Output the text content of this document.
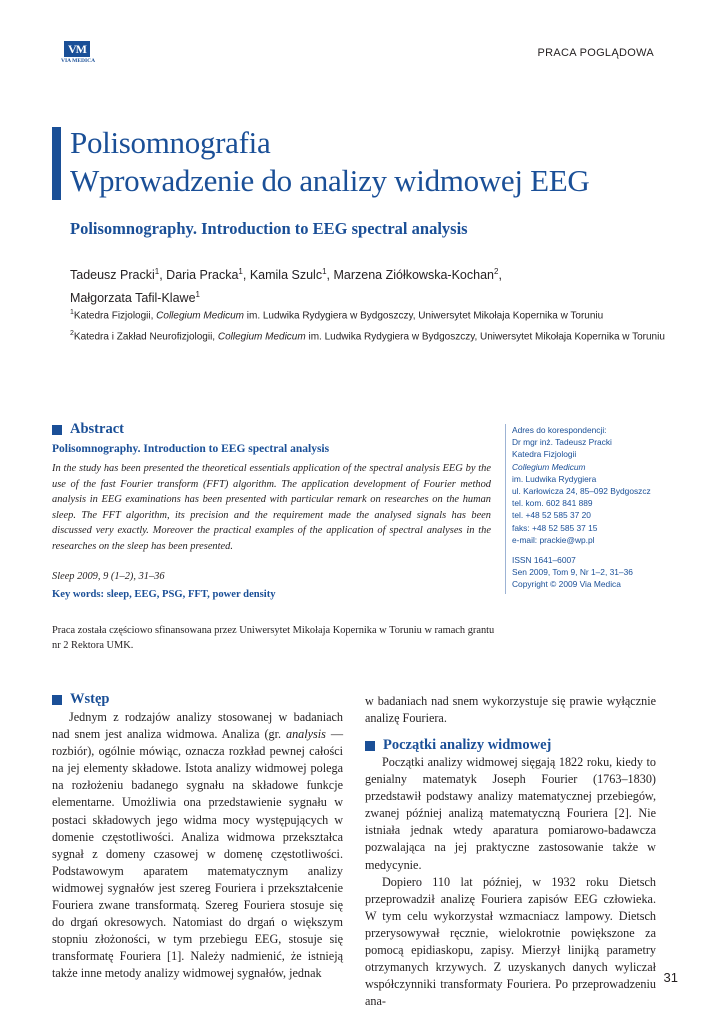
VM
VIA MEDICA
PRACA POGLĄDOWA
Polisomnografia
Wprowadzenie do analizy widmowej EEG
Polisomnography. Introduction to EEG spectral analysis
Tadeusz Pracki$^1$, Daria Pracka$^1$, Kamila Szulc$^1$, Marzena Ziółkowska-Kochan$^2$,
Małgorzata Tafil-Klawe$^1$
$^1$Katedra Fizjologii, Collegium Medicum im. Ludwika Rydygiera w Bydgoszczy, Uniwersytet Mikołaja Kopernika w Toruniu
$^2$Katedra i Zakład Neurofizjologii, Collegium Medicum im. Ludwika Rydygiera w Bydgoszczy, Uniwersytet Mikołaja Kopernika w Toruniu
Abstract
Polisomnography. Introduction to EEG spectral analysis
In the study has been presented the theoretical essentials application of the spectral analysis EEG by the use of the fast Fourier transform (FFT) algorithm. The application development of Fourier method analysis in EEG examinations has been presented with particular remark on researches on the human sleep. The FFT algorithm, its precision and the requirement made the analysed signals has been discussed very exactly. Moreover the practical examples of the application of spectral analyses in the researches on the sleep has been presented.
Sleep 2009, 9 (1–2), 31–36
Key words: sleep, EEG, PSG, FFT, power density
Adres do korespondencji:
Dr mgr inż. Tadeusz Pracki
Katedra Fizjologii
Collegium Medicum
im. Ludwika Rydygiera
ul. Karłowicza 24, 85–092 Bydgoszcz
tel. kom. 602 841 889
tel. +48 52 585 37 20
faks: +48 52 585 37 15
e-mail: prackie@wp.pl
ISSN 1641–6007
Sen 2009, Tom 9, Nr 1–2, 31–36
Copyright © 2009 Via Medica
Praca została częściowo sfinansowana przez Uniwersytet Mikołaja Kopernika w Toruniu w ramach grantu nr 2 Rektora UMK.
Wstęp

Jednym z rodzajów analizy stosowanej w badaniach nad snem jest analiza widmowa. Analiza (gr. analysis — rozbiór), ogólnie mówiąc, oznacza rozkład pewnej całości na jej elementy składowe. Istota analizy widmowej polega na rozłożeniu badanego sygnału na składowe funkcje elementarne. Umożliwia ona przedstawienie sygnału w postaci składowych jego widma mocy występujących w domenie częstotliwości. Analiza widmowa przekształca sygnał z domeny czasowej w domenę częstotliwości. Podstawowym aparatem matematycznym analizy widmowej sygnałów jest szereg Fouriera i przekształcenie Fouriera zwane transformatą. Szereg Fouriera stosuje się do drgań okresowych. Natomiast do drgań o większym stopniu złożoności, w tym przebiegu EEG, stosuje się transformatę Fouriera [1]. Należy nadmienić, że istnieją także inne metody analizy widmowej sygnałów, jednak

w badaniach nad snem wykorzystuje się prawie wyłącznie analizę Fouriera.

Początki analizy widmowej

Początki analizy widmowej sięgają 1822 roku, kiedy to genialny matematyk Joseph Fourier (1763–1830) przedstawił podstawy analizy matematycznej przebiegów, zwanej później analizą matematyczną Fouriera [2]. Nie istniała jednak wtedy aparatura pomiarowo-badawcza pozwalająca na jej praktyczne zastosowanie także w medycynie.

Dopiero 110 lat później, w 1932 roku Dietsch przeprowadził analizę Fouriera zapisów EEG człowieka. W tym celu wykorzystał wzmacniacz lampowy. Dietsch przerysowywał ręcznie, wielokrotnie powiększone za pomocą epidiaskopu, zapisy. Mierzył linijką parametry otrzymanych krzywych. Z uzyskanych danych wyliczał współczynniki transformaty Fouriera. Po przeprowadzeniu ana-

31
